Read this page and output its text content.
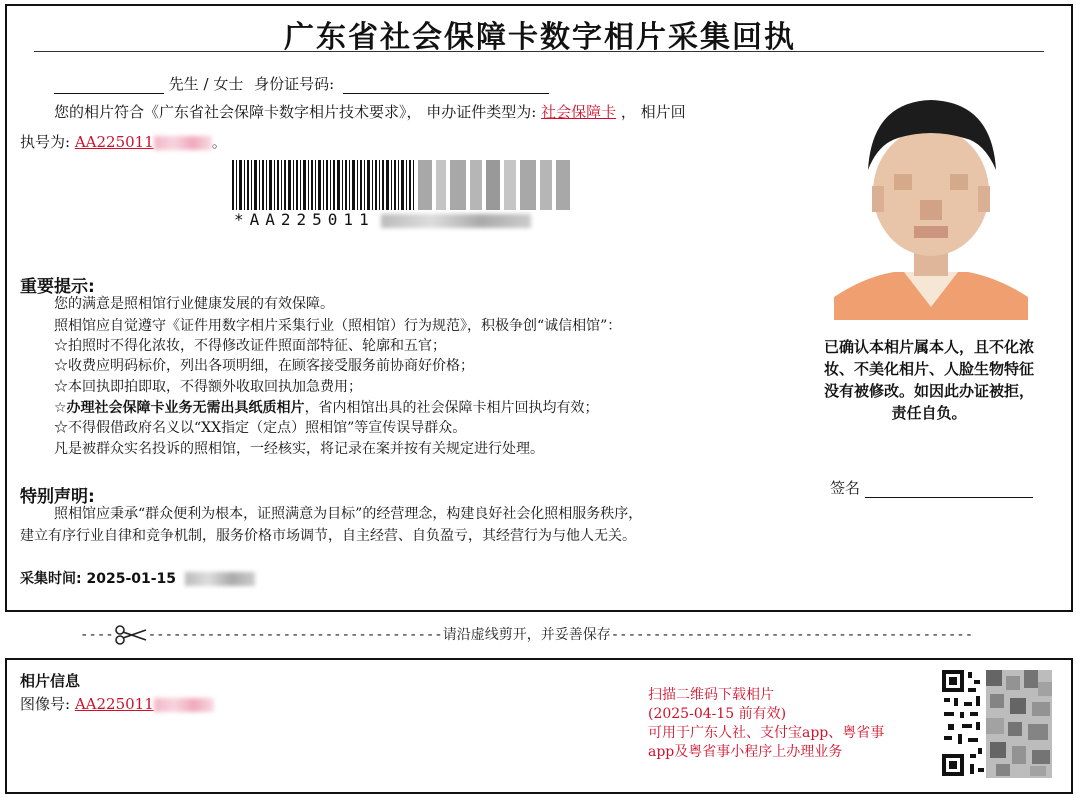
广东省社会保障卡数字相片采集回执
先生 / 女士 身份证号码:
您的相片符合《广东省社会保障卡数字相片技术要求》， 申办证件类型为: 社会保障卡 ， 相片回
执号为: AA225011	。
*AA225011
重要提示:
您的满意是照相馆行业健康发展的有效保障。
照相馆应自觉遵守《证件用数字相片采集行业（照相馆）行为规范》，积极争创“诚信相馆”：
☆拍照时不得化浓妆，不得修改证件照面部特征、轮廓和五官；
☆收费应明码标价，列出各项明细，在顾客接受服务前协商好价格；
☆本回执即拍即取，不得额外收取回执加急费用；
☆办理社会保障卡业务无需出具纸质相片，省内相馆出具的社会保障卡相片回执均有效；
☆不得假借政府名义以“XX指定（定点）照相馆”等宣传误导群众。
凡是被群众实名投诉的照相馆，一经核实，将记录在案并按有关规定进行处理。
特别声明:
照相馆应秉承“群众便利为根本，证照满意为目标”的经营理念，构建良好社会化照相服务秩序，
建立有序行业自律和竞争机制，服务价格市场调节，自主经营、自负盈亏，其经营行为与他人无关。
采集时间: 2025-01-15
已确认本相片属本人，且不化浓
妆、不美化相片、人脸生物特征
没有被修改。如因此办证被拒，
责任自负。
签名
---- -----------------------------------请沿虚线剪开，并妥善保存-------------------------------------------
相片信息
图像号: AA225011	扫描二维码下载相片
(2025-04-15 前有效)
可用于广东人社、支付宝app、粤省事
app及粤省事小程序上办理业务
